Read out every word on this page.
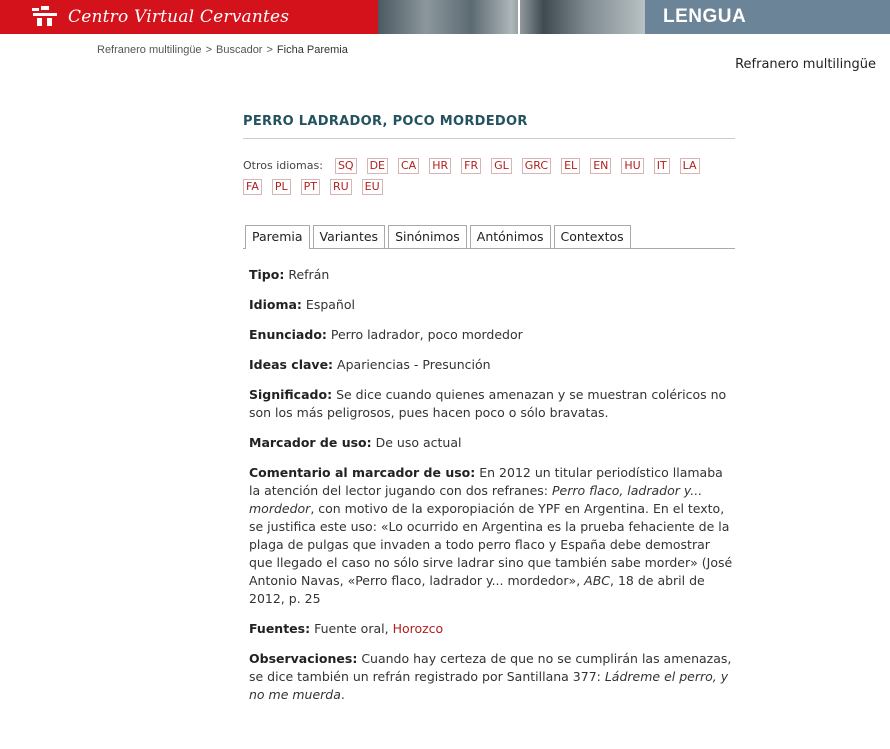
Centro Virtual Cervantes	LENGUA
Refranero multilingüe > Buscador > Ficha Paremia
Refranero multilingüe
PERRO LADRADOR, POCO MORDEDOR
Otros idiomas: SQ DE CA HR FR GL GRC EL EN HU IT LA
FA PL PT RU EU
Paremia	Variantes	Sinónimos	Antónimos	Contextos

Tipo: Refrán

Idioma: Español

Enunciado: Perro ladrador, poco mordedor

Ideas clave: Apariencias - Presunción

Significado: Se dice cuando quienes amenazan y se muestran coléricos no son los más peligrosos, pues hacen poco o sólo bravatas.

Marcador de uso: De uso actual

Comentario al marcador de uso: En 2012 un titular periodístico llamaba la atención del lector jugando con dos refranes: Perro flaco, ladrador y... mordedor, con motivo de la exporopiación de YPF en Argentina. En el texto, se justifica este uso: «Lo ocurrido en Argentina es la prueba fehaciente de la plaga de pulgas que invaden a todo perro flaco y España debe demostrar que llegado el caso no sólo sirve ladrar sino que también sabe morder» (José Antonio Navas, «Perro flaco, ladrador y... mordedor», ABC, 18 de abril de 2012, p. 25

Fuentes: Fuente oral, Horozco

Observaciones: Cuando hay certeza de que no se cumplirán las amenazas, se dice también un refrán registrado por Santillana 377: Ládreme el perro, y no me muerda.
